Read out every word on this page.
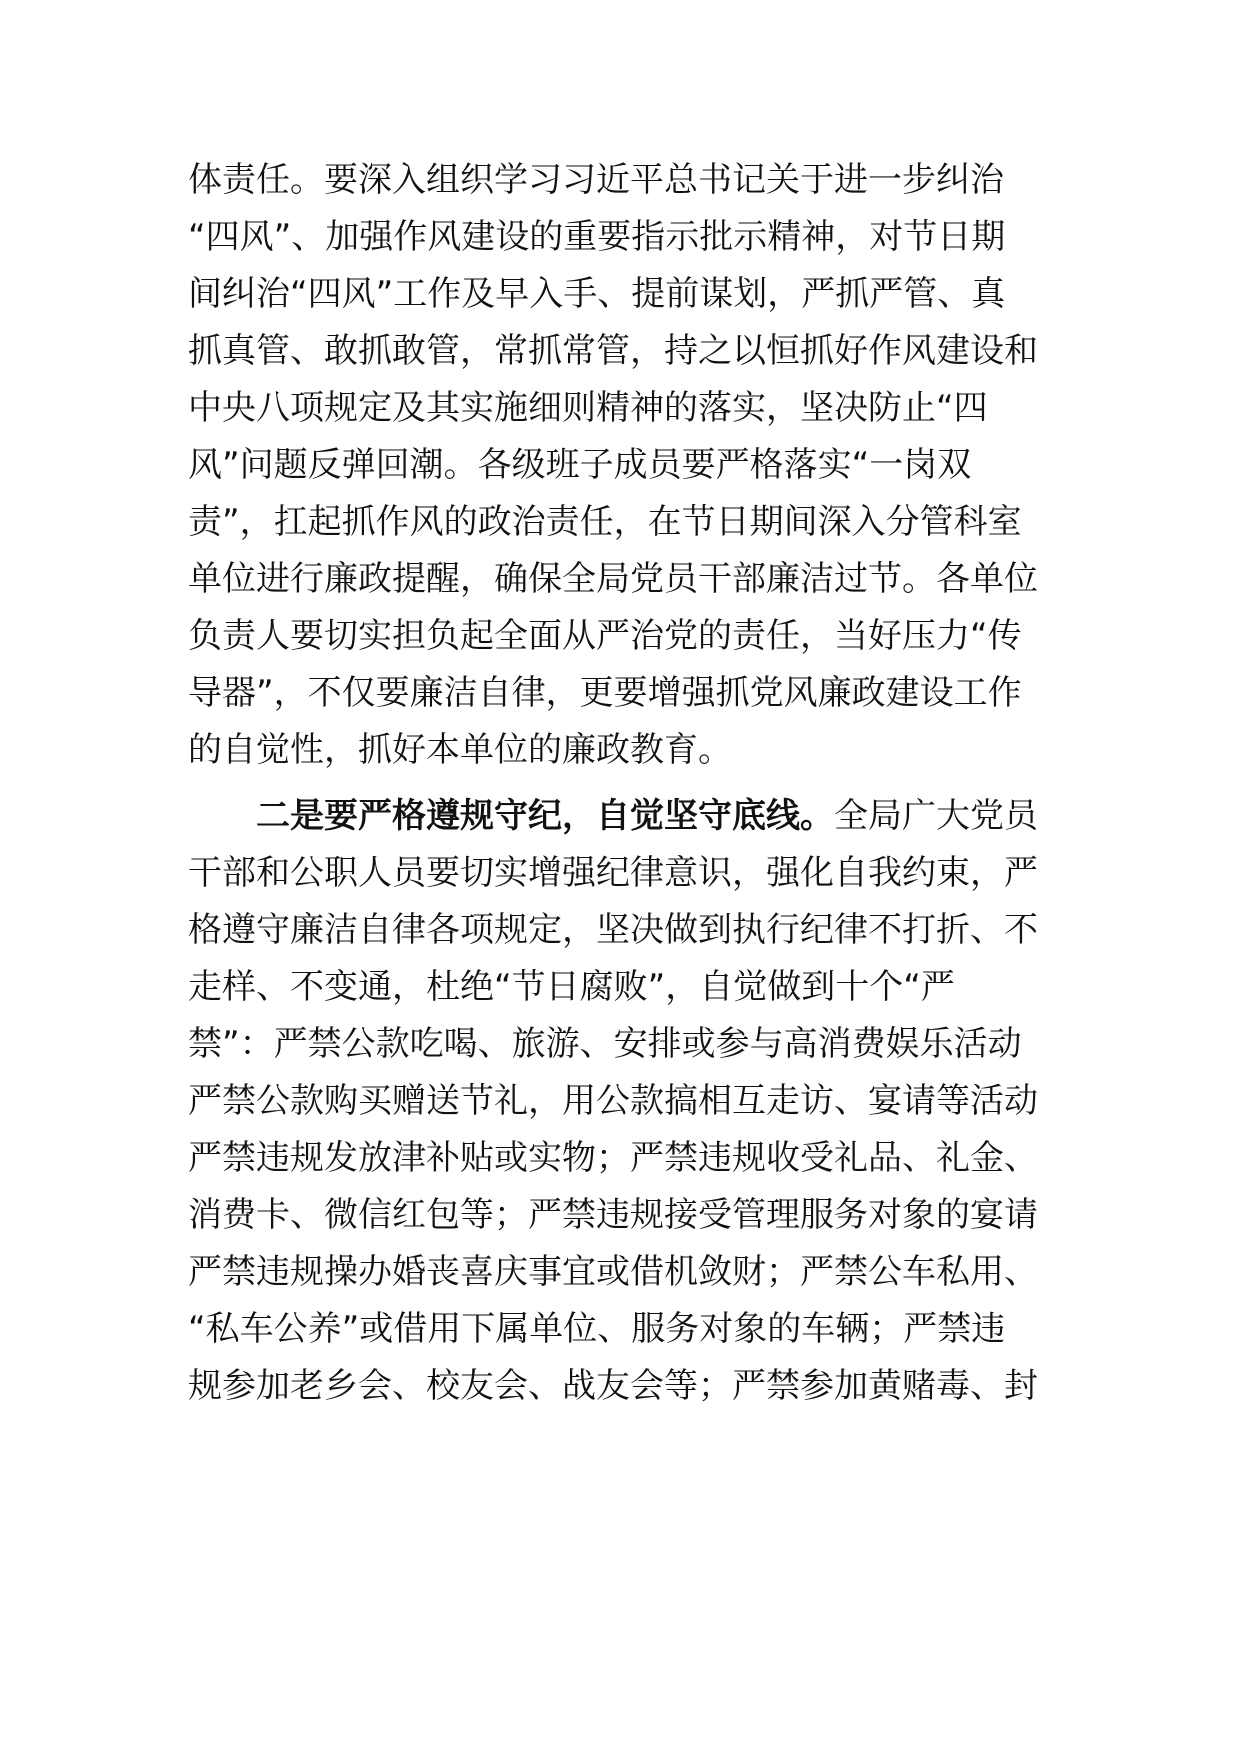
体责任。要深入组织学习习近平总书记关于进一步纠治
“四风”、加强作风建设的重要指示批示精神，对节日期
间纠治“四风”工作及早入手、提前谋划，严抓严管、真
抓真管、敢抓敢管，常抓常管，持之以恒抓好作风建设和
中央八项规定及其实施细则精神的落实，坚决防止“四
风”问题反弹回潮。各级班子成员要严格落实“一岗双
责”，扛起抓作风的政治责任，在节日期间深入分管科室
单位进行廉政提醒，确保全局党员干部廉洁过节。各单位
负责人要切实担负起全面从严治党的责任，当好压力“传
导器”，不仅要廉洁自律，更要增强抓党风廉政建设工作
的自觉性，抓好本单位的廉政教育。
二是要严格遵规守纪，自觉坚守底线。全局广大党员
干部和公职人员要切实增强纪律意识，强化自我约束，严
格遵守廉洁自律各项规定，坚决做到执行纪律不打折、不
走样、不变通，杜绝“节日腐败”，自觉做到十个“严
禁”：严禁公款吃喝、旅游、安排或参与高消费娱乐活动
严禁公款购买赠送节礼，用公款搞相互走访、宴请等活动
严禁违规发放津补贴或实物；严禁违规收受礼品、礼金、
消费卡、微信红包等；严禁违规接受管理服务对象的宴请
严禁违规操办婚丧喜庆事宜或借机敛财；严禁公车私用、
“私车公养”或借用下属单位、服务对象的车辆；严禁违
规参加老乡会、校友会、战友会等；严禁参加黄赌毒、封
